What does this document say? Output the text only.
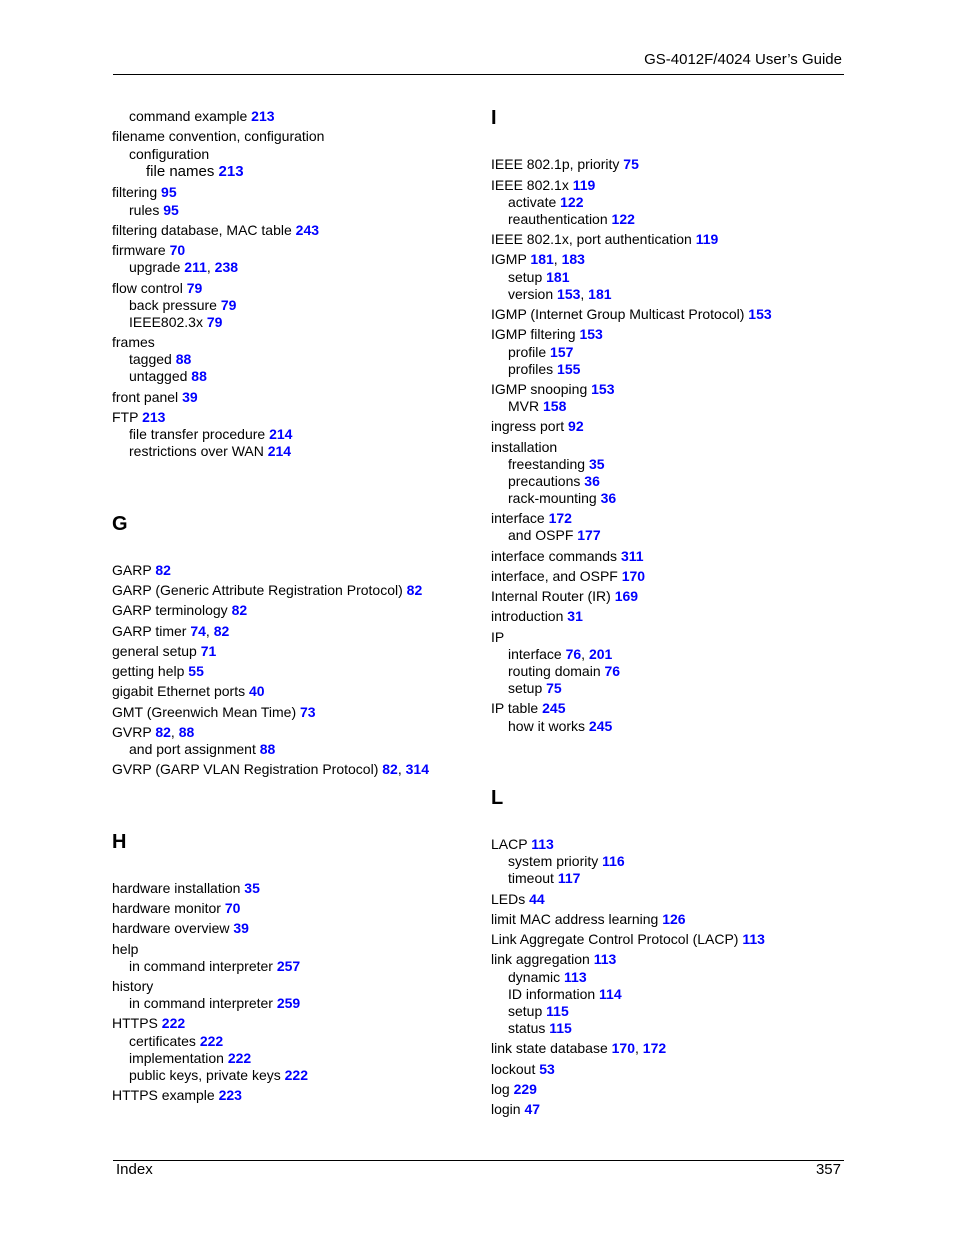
GS-4012F/4024 User’s Guide
command example 213
filename convention, configuration
configuration
file names 213
filtering 95
rules 95
filtering database, MAC table 243
firmware 70
upgrade 211, 238
flow control 79
back pressure 79
IEEE802.3x 79
frames
tagged 88
untagged 88
front panel 39
FTP 213
file transfer procedure 214
restrictions over WAN 214
G
GARP 82
GARP (Generic Attribute Registration Protocol) 82
GARP terminology 82
GARP timer 74, 82
general setup 71
getting help 55
gigabit Ethernet ports 40
GMT (Greenwich Mean Time) 73
GVRP 82, 88
and port assignment 88
GVRP (GARP VLAN Registration Protocol) 82, 314
H
hardware installation 35
hardware monitor 70
hardware overview 39
help
in command interpreter 257
history
in command interpreter 259
HTTPS 222
certificates 222
implementation 222
public keys, private keys 222
HTTPS example 223
I
IEEE 802.1p, priority 75
IEEE 802.1x 119
activate 122
reauthentication 122
IEEE 802.1x, port authentication 119
IGMP 181, 183
setup 181
version 153, 181
IGMP (Internet Group Multicast Protocol) 153
IGMP filtering 153
profile 157
profiles 155
IGMP snooping 153
MVR 158
ingress port 92
installation
freestanding 35
precautions 36
rack-mounting 36
interface 172
and OSPF 177
interface commands 311
interface, and OSPF 170
Internal Router (IR) 169
introduction 31
IP
interface 76, 201
routing domain 76
setup 75
IP table 245
how it works 245
L
LACP 113
system priority 116
timeout 117
LEDs 44
limit MAC address learning 126
Link Aggregate Control Protocol (LACP) 113
link aggregation 113
dynamic 113
ID information 114
setup 115
status 115
link state database 170, 172
lockout 53
log 229
login 47
Index	357
